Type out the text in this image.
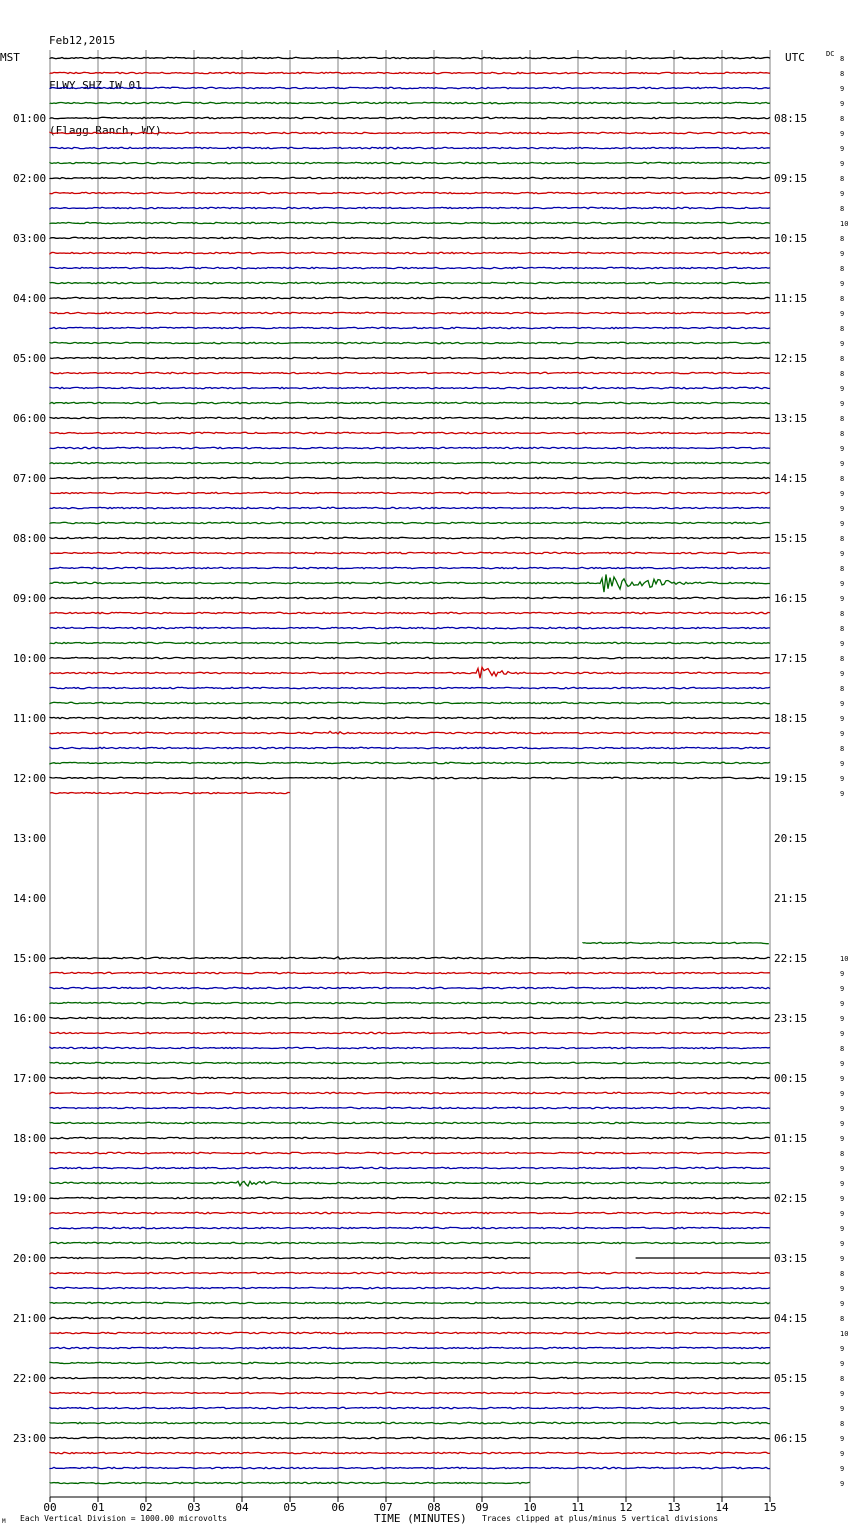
Feb12,2015

FLWY SHZ IW 01

(Flagg Ranch, WY)

MST	UTC	DC
00	01	02	03	04	05	06	07	08	09	10	11	12	13	14	15
01:00	08:15
02:00	09:15
03:00	10:15
04:00	11:15
05:00	12:15
06:00	13:15
07:00	14:15
08:00	15:15
09:00	16:15
10:00	17:15
11:00	18:15
12:00	19:15
13:00	20:15
14:00	21:15
15:00	22:15
16:00	23:15
17:00	00:15
18:00	01:15
19:00	02:15
20:00	03:15
21:00	04:15
22:00	05:15
23:00	06:15
8
8
9
9
8
9
9
9
8
9
8
10
8
9
8
9
8
9
8
9
8
8
9
9
8
8
9
9
8
9
9
9
8
9
8
9
9
8
8
9
8
9
8
9
9
9
8
9
9
9
10
9
9
9
9
9
8
9
9
9
9
9
9
8
9
9
9
9
9
9
9
8
9
9
8
10
9
9
8
9
9
8
9
9
9
9
Each Vertical Division = 1000.00 microvolts	TIME (MINUTES) Traces clipped at plus/minus 5 vertical divisions
M
